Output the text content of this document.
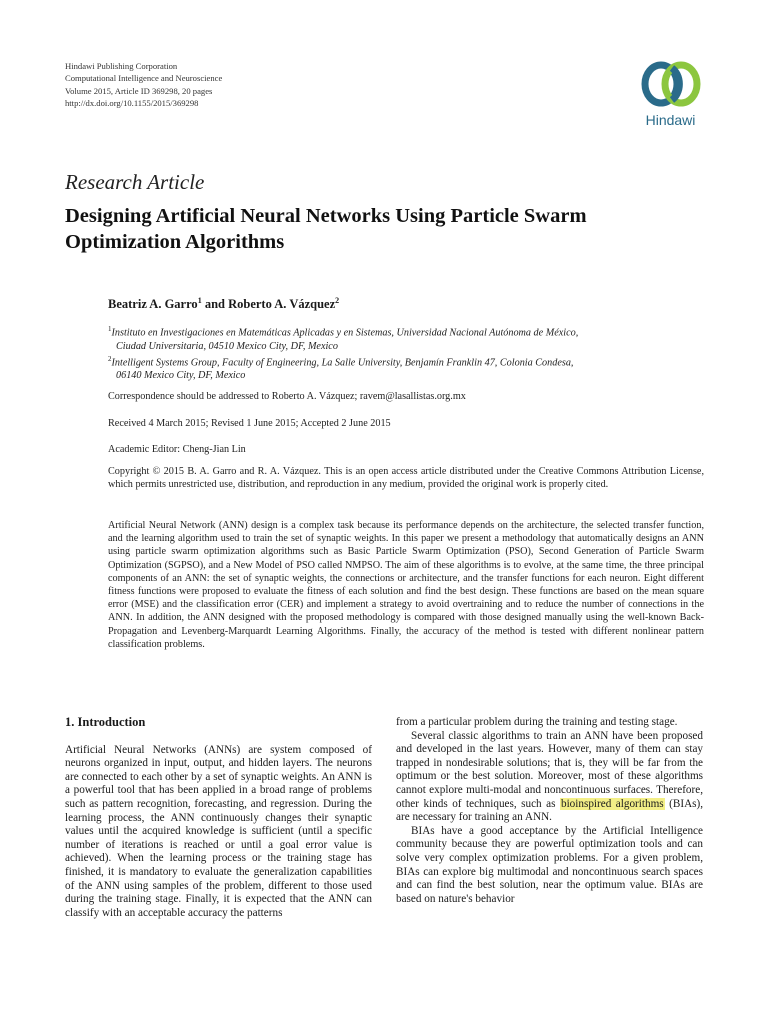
Hindawi Publishing Corporation
Computational Intelligence and Neuroscience
Volume 2015, Article ID 369298, 20 pages
http://dx.doi.org/10.1155/2015/369298
Hindawi
Research Article
Designing Artificial Neural Networks Using Particle Swarm Optimization Algorithms
Beatriz A. Garro$^1$ and Roberto A. Vázquez$^2$
$^1$Instituto en Investigaciones en Matemáticas Aplicadas y en Sistemas, Universidad Nacional Autónoma de México,
Ciudad Universitaria, 04510 Mexico City, DF, Mexico
$^2$Intelligent Systems Group, Faculty of Engineering, La Salle University, Benjamín Franklin 47, Colonia Condesa,
06140 Mexico City, DF, Mexico
Correspondence should be addressed to Roberto A. Vázquez; ravem@lasallistas.org.mx
Received 4 March 2015; Revised 1 June 2015; Accepted 2 June 2015
Academic Editor: Cheng-Jian Lin

Copyright © 2015 B. A. Garro and R. A. Vázquez. This is an open access article distributed under the Creative Commons Attribution License, which permits unrestricted use, distribution, and reproduction in any medium, provided the original work is properly cited.

Artificial Neural Network (ANN) design is a complex task because its performance depends on the architecture, the selected transfer function, and the learning algorithm used to train the set of synaptic weights. In this paper we present a methodology that automatically designs an ANN using particle swarm optimization algorithms such as Basic Particle Swarm Optimization (PSO), Second Generation of Particle Swarm Optimization (SGPSO), and a New Model of PSO called NMPSO. The aim of these algorithms is to evolve, at the same time, the three principal components of an ANN: the set of synaptic weights, the connections or architecture, and the transfer functions for each neuron. Eight different fitness functions were proposed to evaluate the fitness of each solution and find the best design. These functions are based on the mean square error (MSE) and the classification error (CER) and implement a strategy to avoid overtraining and to reduce the number of connections in the ANN. In addition, the ANN designed with the proposed methodology is compared with those designed manually using the well-known Back-Propagation and Levenberg-Marquardt Learning Algorithms. Finally, the accuracy of the method is tested with different nonlinear pattern classification problems.

1. Introduction

Artificial Neural Networks (ANNs) are system composed of neurons organized in input, output, and hidden layers. The neurons are connected to each other by a set of synaptic weights. An ANN is a powerful tool that has been applied in a broad range of problems such as pattern recognition, forecasting, and regression. During the learning process, the ANN continuously changes their synaptic values until the acquired knowledge is sufficient (until a specific number of iterations is reached or until a goal error value is achieved). When the learning process or the training stage has finished, it is mandatory to evaluate the generalization capabilities of the ANN using samples of the problem, different to those used during the training stage. Finally, it is expected that the ANN can classify with an acceptable accuracy the patterns

from a particular problem during the training and testing stage.

Several classic algorithms to train an ANN have been proposed and developed in the last years. However, many of them can stay trapped in nondesirable solutions; that is, they will be far from the optimum or the best solution. Moreover, most of these algorithms cannot explore multi-modal and noncontinuous surfaces. Therefore, other kinds of techniques, such as bioinspired algorithms (BIAs), are necessary for training an ANN.

BIAs have a good acceptance by the Artificial Intelligence community because they are powerful optimization tools and can solve very complex optimization problems. For a given problem, BIAs can explore big multimodal and noncontinuous search spaces and can find the best solution, near the optimum value. BIAs are based on nature's behavior
